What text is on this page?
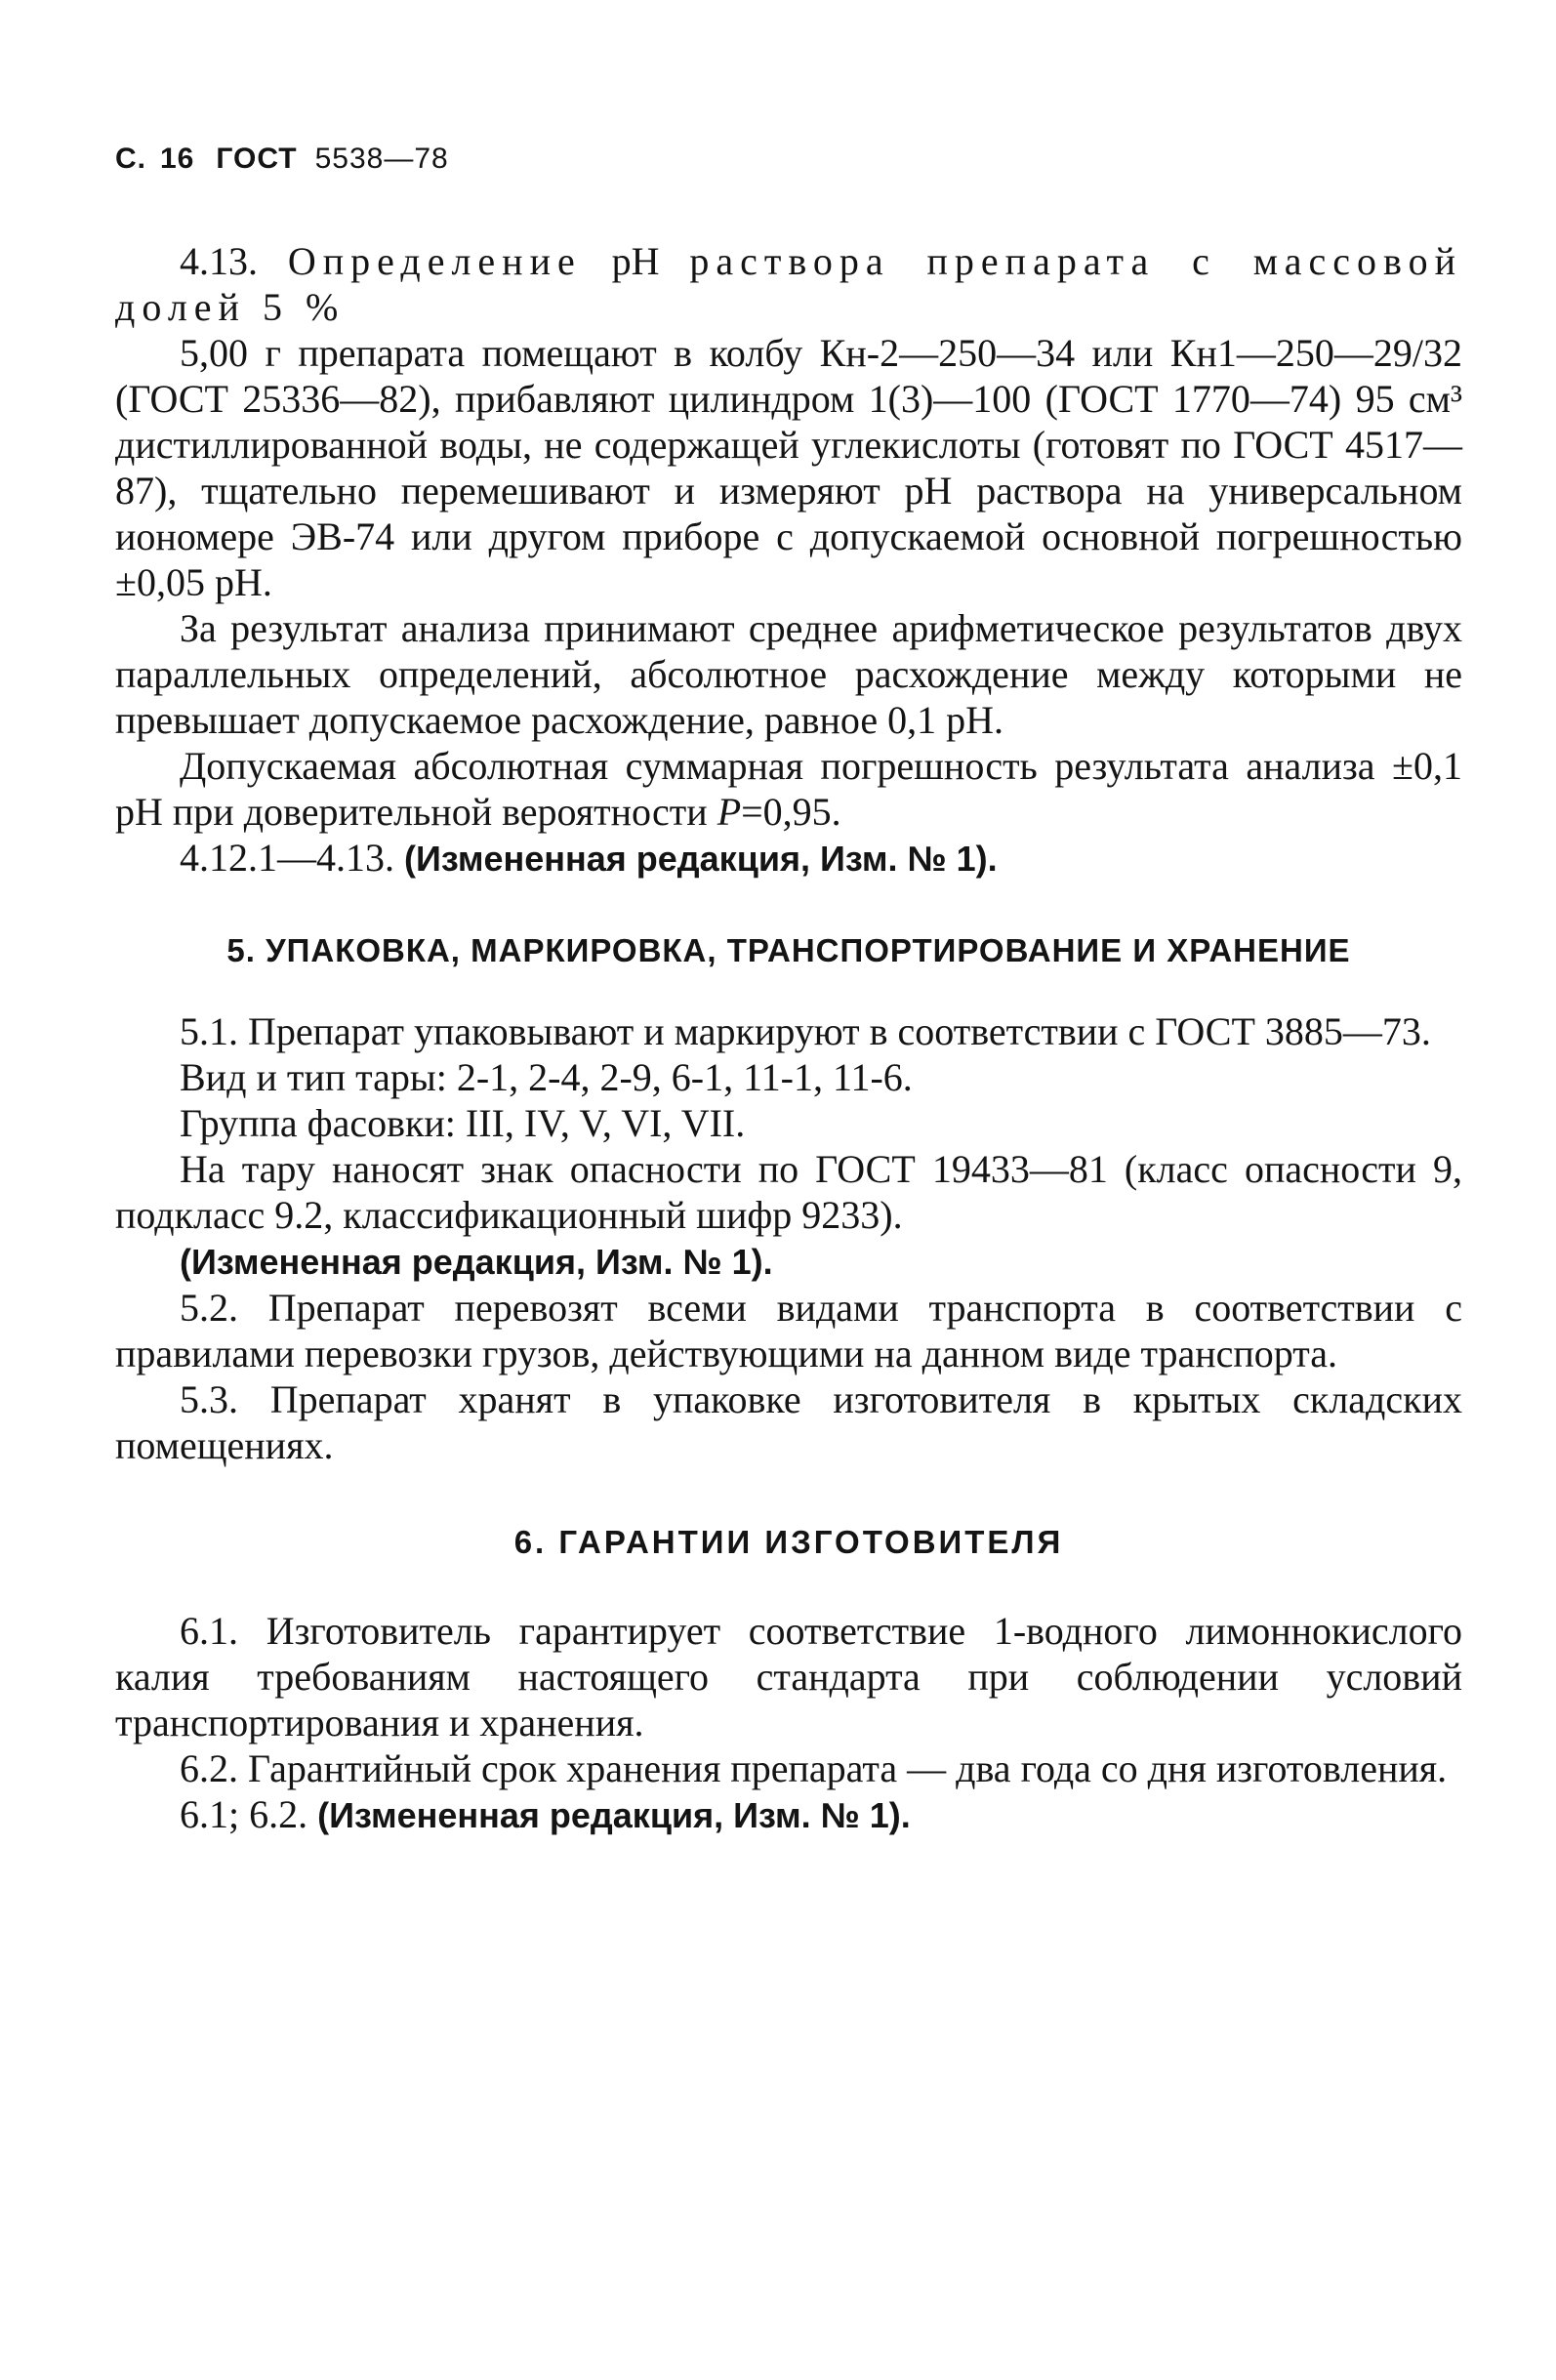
С. 16 ГОСТ 5538—78

4.13. Определение pH раствора препарата с массовой долей 5 %

5,00 г препарата помещают в колбу Кн-2—250—34 или Кн1—250—29/32 (ГОСТ 25336—82), прибавляют цилиндром 1(3)—100 (ГОСТ 1770—74) 95 см³ дистиллированной воды, не содержащей углекислоты (готовят по ГОСТ 4517—87), тщательно перемешивают и измеряют pH раствора на универсальном иономере ЭВ-74 или другом приборе с допускаемой основной погрешностью ±0,05 pH.

За результат анализа принимают среднее арифметическое результатов двух параллельных определений, абсолютное расхождение между которыми не превышает допускаемое расхождение, равное 0,1 pH.

Допускаемая абсолютная суммарная погрешность результата анализа ±0,1 pH при доверительной вероятности P=0,95.

4.12.1—4.13. (Измененная редакция, Изм. № 1).

5. УПАКОВКА, МАРКИРОВКА, ТРАНСПОРТИРОВАНИЕ И ХРАНЕНИЕ

5.1. Препарат упаковывают и маркируют в соответствии с ГОСТ 3885—73.

Вид и тип тары: 2-1, 2-4, 2-9, 6-1, 11-1, 11-6.

Группа фасовки: III, IV, V, VI, VII.

На тару наносят знак опасности по ГОСТ 19433—81 (класс опасности 9, подкласс 9.2, классификационный шифр 9233).

(Измененная редакция, Изм. № 1).

5.2. Препарат перевозят всеми видами транспорта в соответствии с правилами перевозки грузов, действующими на данном виде транспорта.

5.3. Препарат хранят в упаковке изготовителя в крытых складских помещениях.

6. ГАРАНТИИ ИЗГОТОВИТЕЛЯ

6.1. Изготовитель гарантирует соответствие 1-водного лимоннокислого калия требованиям настоящего стандарта при соблюдении условий транспортирования и хранения.

6.2. Гарантийный срок хранения препарата — два года со дня изготовления.

6.1; 6.2. (Измененная редакция, Изм. № 1).
